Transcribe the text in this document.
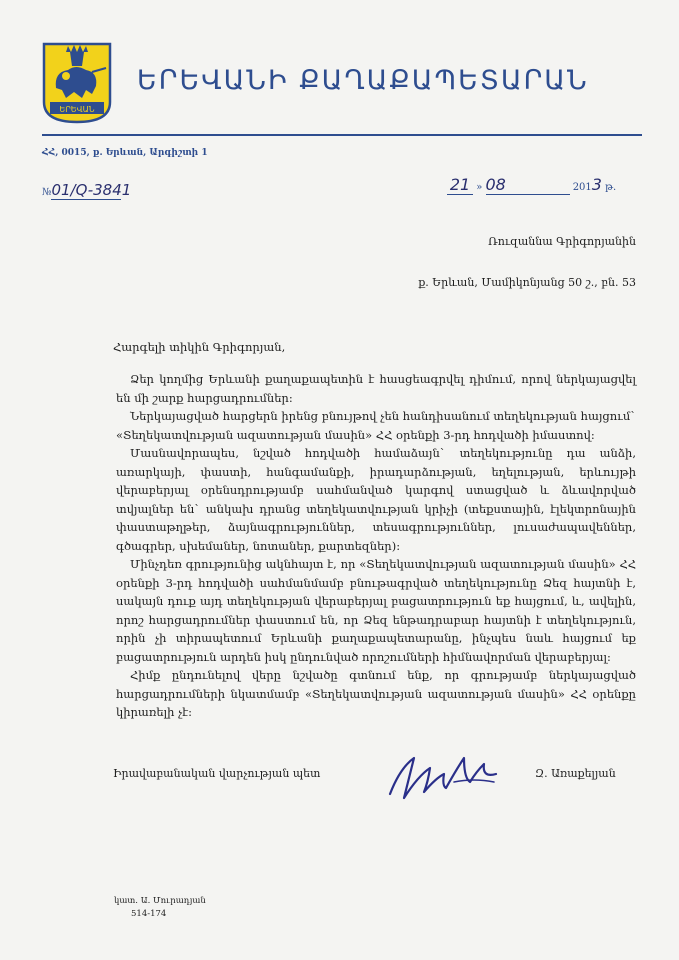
ԵՐԵՎԱՆ
ԵՐԵՎԱՆԻ ՔԱՂԱՔԱՊԵՏԱՐԱՆ
ՀՀ, 0015, ք. Երևան, Արգիշտի 1
№01/Q-3841	21 » 08	2013 թ.
Ռուզաննա Գրիգորյանին
ք. Երևան, Մամիկոնյանց 50 շ., բն. 53
Հարգելի տիկին Գրիգորյան,

Ձեր կողմից Երևանի քաղաքապետին է հասցեագրվել դիմում, որով ներկայացվել են մի շարք հարցադրումներ:

Ներկայացված հարցերն իրենց բնույթով չեն հանդիսանում տեղեկության հայցում` «Տեղեկատվության ազատության մասին» ՀՀ օրենքի 3-րդ հոդվածի իմաստով:

Մասնավորապես, նշված հոդվածի համաձայն` տեղեկությունը դա անձի, առարկայի, փաստի, հանգամանքի, իրադարձության, եղելության, երևույթի վերաբերյալ օրենսդրությամբ սահմանված կարգով ստացված և ձևավորված տվյալներ են` անկախ դրանց տեղեկատվության կրիչի (տեքստային, էլեկտրոնային փաստաթղթեր, ձայնագրություններ, տեսագրություններ, լուսաժապավեններ, գծագրեր, սխեմաներ, նոտաներ, քարտեզներ):

Մինչդեռ գրությունից ակնհայտ է, որ «Տեղեկատվության ազատության մասին» ՀՀ օրենքի 3-րդ հոդվածի սահմանմամբ բնութագրված տեղեկությունը Ձեզ հայտնի է, սակայն դուք այդ տեղեկության վերաբերյալ բացատրություն եք հայցում, և, ավելին, որոշ հարցադրումներ փաստում են, որ Ձեզ ենթադրաբար հայտնի է տեղեկություն, որին չի տիրապետում Երևանի քաղաքապետարանը, ինչպես նաև հայցում եք բացատրություն արդեն իսկ ընդունված որոշումների հիմնավորման վերաբերյալ:

Հիմք ընդունելով վերը նշվածը գտնում ենք, որ գրությամբ ներկայացված հարցադրումների նկատմամբ «Տեղեկատվության ազատության մասին» ՀՀ օրենքը կիրառելի չէ:

Իրավաբանական վարչության պետ	Զ. Առաքելյան
կատ. Ա. Մուրադյան
514-174
